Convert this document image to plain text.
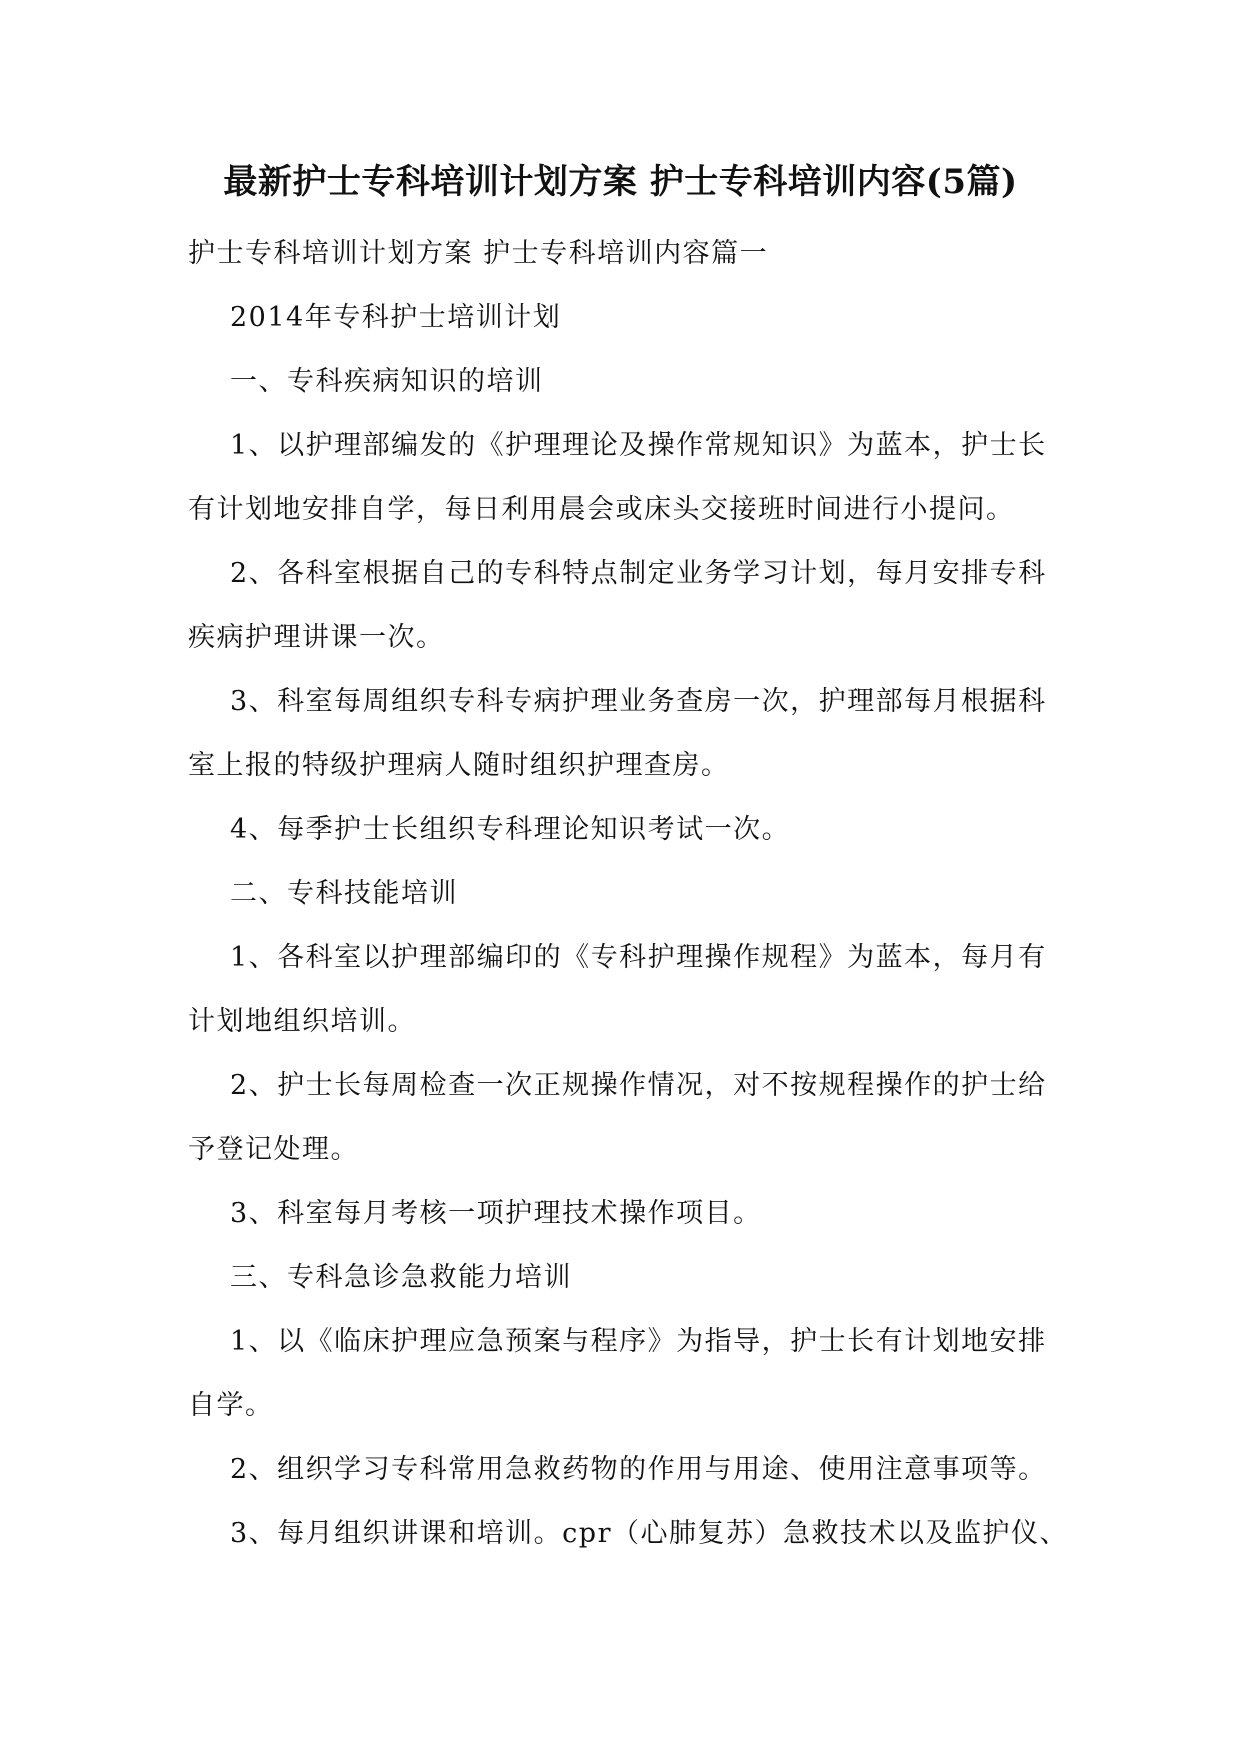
最新护士专科培训计划方案 护士专科培训内容(5篇)
护士专科培训计划方案 护士专科培训内容篇一
2014年专科护士培训计划
一、专科疾病知识的培训
1、以护理部编发的《护理理论及操作常规知识》为蓝本，护士长
有计划地安排自学，每日利用晨会或床头交接班时间进行小提问。
2、各科室根据自己的专科特点制定业务学习计划，每月安排专科
疾病护理讲课一次。
3、科室每周组织专科专病护理业务查房一次，护理部每月根据科
室上报的特级护理病人随时组织护理查房。
4、每季护士长组织专科理论知识考试一次。
二、专科技能培训
1、各科室以护理部编印的《专科护理操作规程》为蓝本，每月有
计划地组织培训。
2、护士长每周检查一次正规操作情况，对不按规程操作的护士给
予登记处理。
3、科室每月考核一项护理技术操作项目。
三、专科急诊急救能力培训
1、以《临床护理应急预案与程序》为指导，护士长有计划地安排
自学。
2、组织学习专科常用急救药物的作用与用途、使用注意事项等。
3、每月组织讲课和培训。cpr（心肺复苏）急救技术以及监护仪、
